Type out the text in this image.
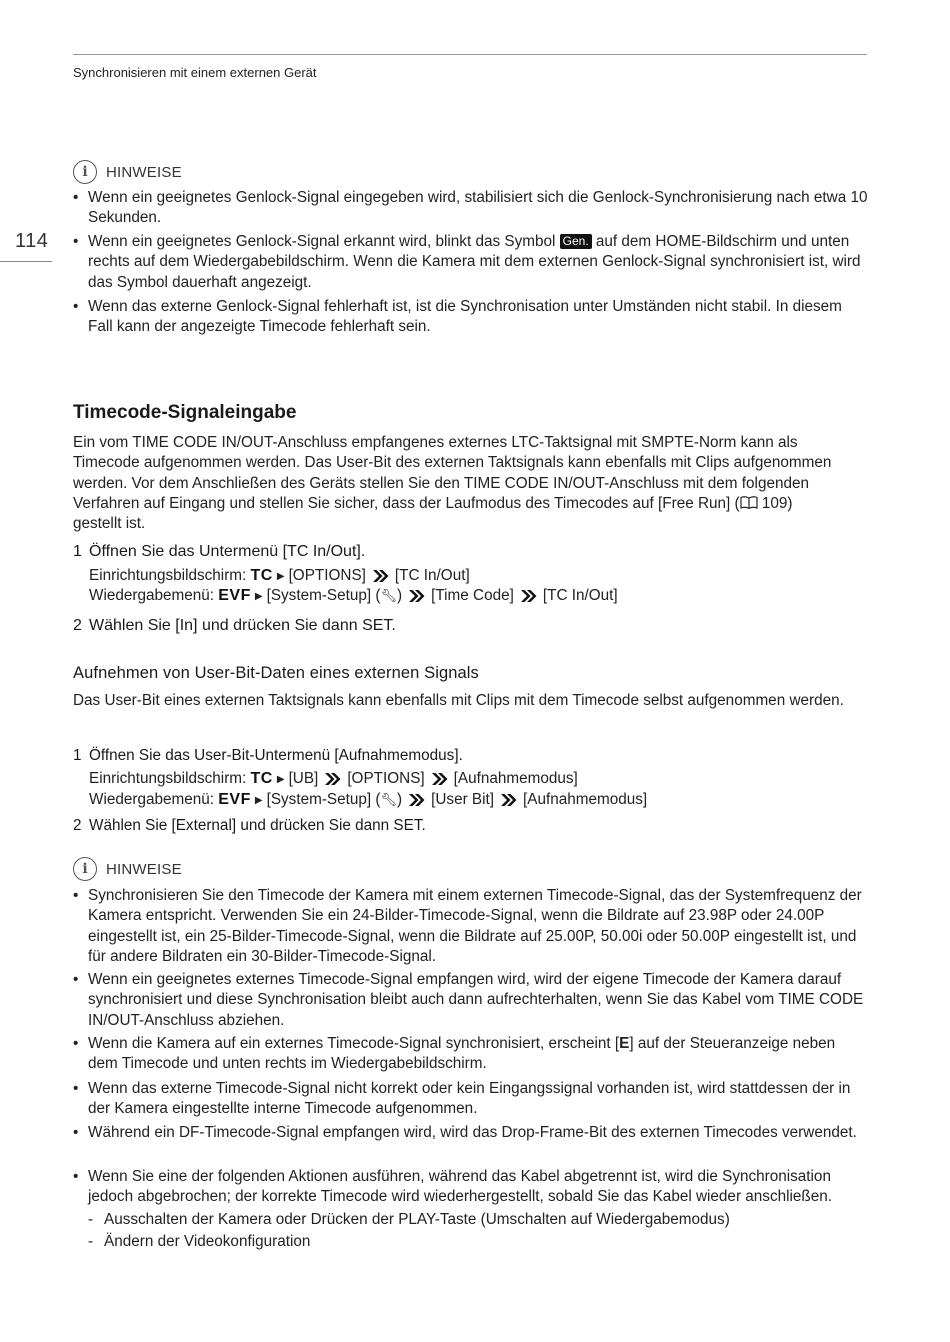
Synchronisieren mit einem externen Gerät
114
i	HINWEISE
• Wenn ein geeignetes Genlock-Signal eingegeben wird, stabilisiert sich die Genlock-Synchronisierung nach etwa 10 Sekunden.
• Wenn ein geeignetes Genlock-Signal erkannt wird, blinkt das Symbol Gen. auf dem HOME-Bildschirm und unten rechts auf dem Wiedergabebildschirm. Wenn die Kamera mit dem externen Genlock-Signal synchronisiert ist, wird das Symbol dauerhaft angezeigt.
• Wenn das externe Genlock-Signal fehlerhaft ist, ist die Synchronisation unter Umständen nicht stabil. In diesem Fall kann der angezeigte Timecode fehlerhaft sein.
Timecode-Signaleingabe
Ein vom TIME CODE IN/OUT-Anschluss empfangenes externes LTC-Taktsignal mit SMPTE-Norm kann als Timecode aufgenommen werden. Das User-Bit des externen Taktsignals kann ebenfalls mit Clips aufgenommen werden. Vor dem Anschließen des Geräts stellen Sie den TIME CODE IN/OUT-Anschluss mit dem folgenden Verfahren auf Eingang und stellen Sie sicher, dass der Laufmodus des Timecodes auf [Free Run] ( 109)
gestellt ist.
1 Öffnen Sie das Untermenü [TC In/Out].
Einrichtungsbildschirm: TC ▶ [OPTIONS] [TC In/Out]
Wiedergabemenü: EVF ▶ [System-Setup] ( 🔧︎ ) [Time Code] [TC In/Out]
2 Wählen Sie [In] und drücken Sie dann SET.
Aufnehmen von User-Bit-Daten eines externen Signals
Das User-Bit eines externen Taktsignals kann ebenfalls mit Clips mit dem Timecode selbst aufgenommen werden.
1 Öffnen Sie das User-Bit-Untermenü [Aufnahmemodus].
Einrichtungsbildschirm: TC ▶ [UB] [OPTIONS] [Aufnahmemodus]
Wiedergabemenü: EVF ▶ [System-Setup] ( 🔧︎ ) [User Bit] [Aufnahmemodus]
2 Wählen Sie [External] und drücken Sie dann SET.
i	HINWEISE
• Synchronisieren Sie den Timecode der Kamera mit einem externen Timecode-Signal, das der Systemfrequenz der Kamera entspricht. Verwenden Sie ein 24-Bilder-Timecode-Signal, wenn die Bildrate auf 23.98P oder 24.00P eingestellt ist, ein 25-Bilder-Timecode-Signal, wenn die Bildrate auf 25.00P, 50.00i oder 50.00P eingestellt ist, und für andere Bildraten ein 30-Bilder-Timecode-Signal.
• Wenn ein geeignetes externes Timecode-Signal empfangen wird, wird der eigene Timecode der Kamera darauf synchronisiert und diese Synchronisation bleibt auch dann aufrechterhalten, wenn Sie das Kabel vom TIME CODE IN/OUT-Anschluss abziehen.
• Wenn die Kamera auf ein externes Timecode-Signal synchronisiert, erscheint [E] auf der Steueranzeige neben dem Timecode und unten rechts im Wiedergabebildschirm.
• Wenn das externe Timecode-Signal nicht korrekt oder kein Eingangssignal vorhanden ist, wird stattdessen der in der Kamera eingestellte interne Timecode aufgenommen.
• Während ein DF-Timecode-Signal empfangen wird, wird das Drop-Frame-Bit des externen Timecodes verwendet.
• Wenn Sie eine der folgenden Aktionen ausführen, während das Kabel abgetrennt ist, wird die Synchronisation jedoch abgebrochen; der korrekte Timecode wird wiederhergestellt, sobald Sie das Kabel wieder anschließen.
- Ausschalten der Kamera oder Drücken der PLAY-Taste (Umschalten auf Wiedergabemodus)
- Ändern der Videokonfiguration
